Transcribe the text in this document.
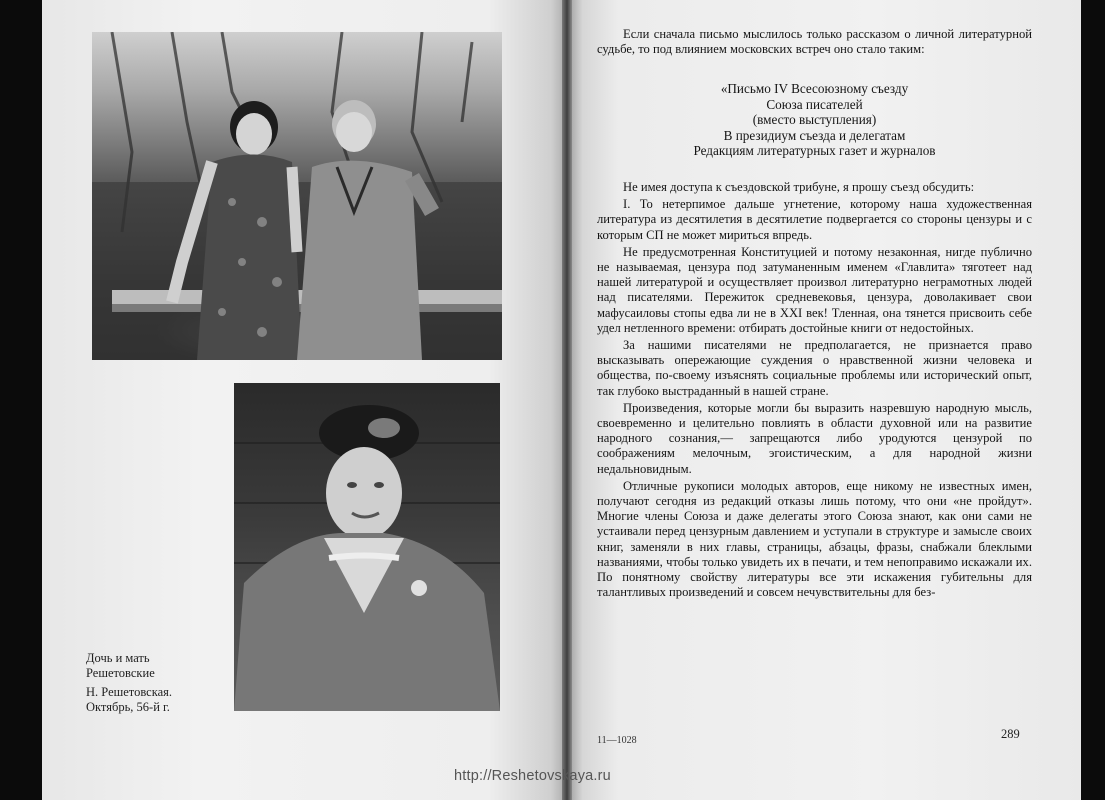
Дочь и мать
Решетовские
Н. Решетовская.
Октябрь, 56-й г.
Если сначала письмо мыслилось только рассказом о личной литературной судьбе, то под влиянием московских встреч оно стало таким:
«Письмо IV Всесоюзному съезду
Союза писателей
(вместо выступления)
В президиум съезда и делегатам
Редакциям литературных газет и журналов

Не имея доступа к съездовской трибуне, я прошу съезд обсудить:

I. То нетерпимое дальше угнетение, которому наша художественная литература из десятилетия в десятилетие подвергается со стороны цензуры и с которым СП не может мириться впредь.

Не предусмотренная Конституцией и потому незаконная, нигде публично не называемая, цензура под затуманенным именем «Главлита» тяготеет над нашей литературой и осуществляет произвол литературно неграмотных людей над писателями. Пережиток средневековья, цензура, доволакивает свои мафусаиловы стопы едва ли не в XXI век! Тленная, она тянется присвоить себе удел нетленного времени: отбирать достойные книги от недостойных.

За нашими писателями не предполагается, не признается право высказывать опережающие суждения о нравственной жизни человека и общества, по-своему изъяснять социальные проблемы или исторический опыт, так глубоко выстраданный в нашей стране.

Произведения, которые могли бы выразить назревшую народную мысль, своевременно и целительно повлиять в области духовной или на развитие народного сознания,— запрещаются либо уродуются цензурой по соображениям мелочным, эгоистическим, а для народной жизни недальновидным.

Отличные рукописи молодых авторов, еще никому не известных имен, получают сегодня из редакций отказы лишь потому, что они «не пройдут». Многие члены Союза и даже делегаты этого Союза знают, как они сами не устаивали перед цензурным давлением и уступали в структуре и замысле своих книг, заменяли в них главы, страницы, абзацы, фразы, снабжали блеклыми названиями, чтобы только увидеть их в печати, и тем непоправимо искажали их. По понятному свойству литературы все эти искажения губительны для талантливых произведений и совсем нечувствительны для без-

11—1028	289
http://Reshetovskaya.ru
